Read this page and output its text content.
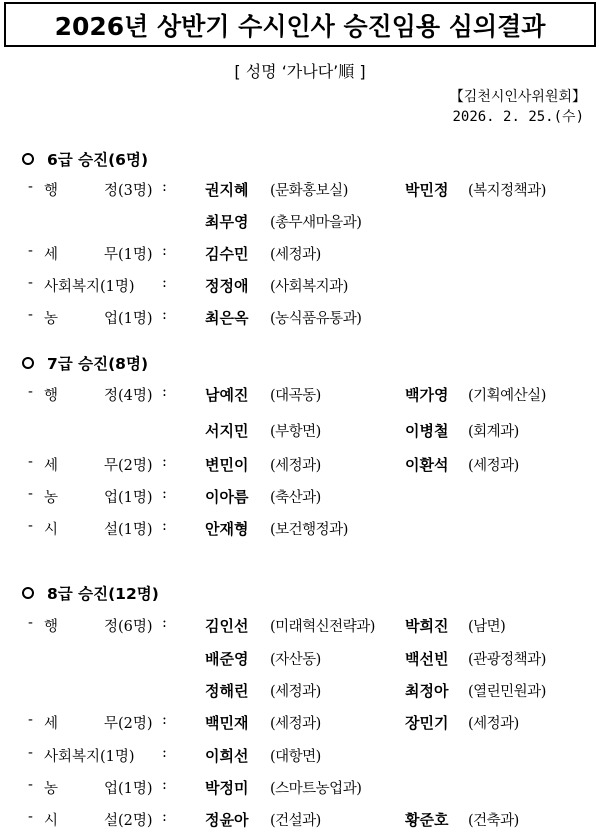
2026년 상반기 수시인사 승진임용 심의결과
[ 성명 ‘가나다’順 ]
【김천시인사위원회】
2026. 2. 25.(수)
6급 승진(6명)
- 행	정(3명) :	권지혜 (문화홍보실)	박민정 (복지정책과)
최무영 (총무새마을과)
- 세	무(1명) :	김수민 (세정과)
- 사회복지(1명) :	정정애 (사회복지과)
- 농	업(1명) :	최은옥 (농식품유통과)
7급 승진(8명)
- 행	정(4명) :	남예진 (대곡동)	백가영 (기획예산실)
서지민 (부항면)	이병철 (회계과)
- 세	무(2명) :	변민이 (세정과)	이환석 (세정과)
- 농	업(1명) :	이아름 (축산과)
- 시	설(1명) :	안재형 (보건행정과)
8급 승진(12명)
- 행	정(6명) :	김인선 (미래혁신전략과) 박희진 (남면)
배준영 (자산동)	백선빈 (관광정책과)
정해린 (세정과)	최정아 (열린민원과)
- 세	무(2명) :	백민재 (세정과)	장민기 (세정과)
- 사회복지(1명) :	이희선 (대항면)
- 농	업(1명) :	박정미 (스마트농업과)
- 시	설(2명) :	정윤아 (건설과)	황준호 (건축과)
